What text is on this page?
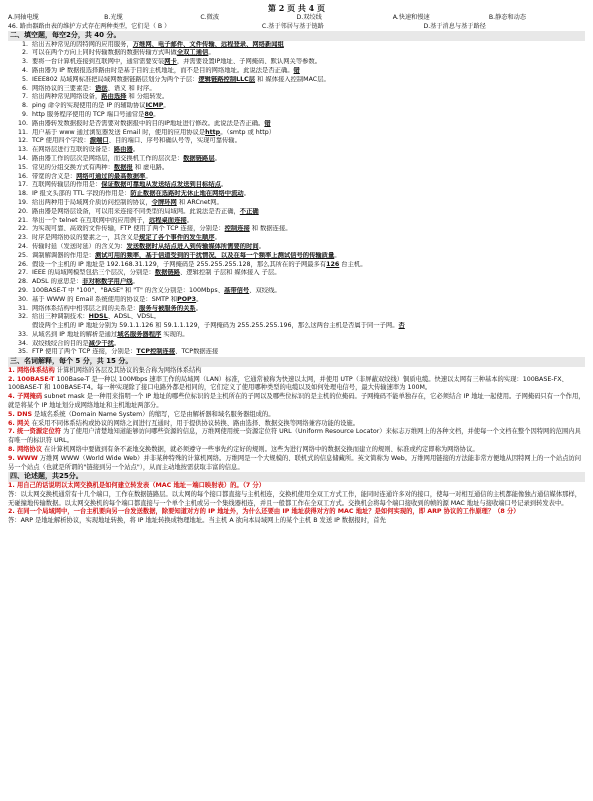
第 2 页 共 4 页
A.同轴电缆	B.光缆	C.微波	D.双绞线	A.快速和慢速	B.静态和动态
46. 路由器路由表的维护方式存在两种类型，它们是（ B ）	C.基于邻居与基于链路	D.基于消息与基于路径
二、填空题，每空2分，共 40 分。
1. 给出五种常见的因特网的应用服务，万维网、电子邮件、文件传输、远程登录、网络新闻组
2. 可以在两个方向上同时传输数据的数据传输方式叫做全双工通信。
3. 要将一台计算机连接到互联网中，通常需要安装网卡，并需要设置IP地址、子网掩码、默认网关等参数。
4. 路由器为 IP 数据报选择路由时是基于目的主机地址，而不是目的网络地址。此说法是否正确。错
5. IEEE802 局域网标准把局域网数据链路层划分为两个子层：逻辑链路控制LLC层 和 媒体接入控制MAC层。
6. 网络协议的三要素是：语法、语义 和 时序。
7. 给出两种常见网络设备，路由选择 和 分组转发。
8. ping 命令的实现使用的是 IP 的辅助协议ICMP。
9. http 服务程序使用的 TCP 端口号通常是80。
10. 路由器转发数据报时是否需要对数据报中的目的IP地址进行修改。此说法是否正确。错
11. 用户基于 www 通过浏览器发送 Email 时，使用的应用协议是http。（smtp 或 http）
12. TCP 使用四个字段：源端口、目的端口、序号和确认号等，实现可靠传输。
13. 在网络层进行互联的设备是：路由器。
14. 路由器工作的层次是网络层，而交换机工作的层次是：数据链路层。
15. 常见的分组交换方式有两种：数据报 和 虚电路。
16. 带宽的含义是：网络可通过的最高数据率。
17. 互联网传输层的作用是：保证数据可靠地从发送结点发送到目标结点。
18. IP 报文头部的 TTL 字段的作用是：防止数据在选路时无休止地在网络中流动。
19. 给出两种用于局域网介质访问控制的协议，令牌环网 和 ARCnet网。
20. 路由器是网络层设备，可以用来连接不同类型的局域网。此说法是否正确，不正确
21. 举出一个 telnet 在互联网中的应用例子，远程桌面连接。
22. 为实现可靠、高效的文件传输，FTP 使用了两个 TCP 连接，分别是：控制连接 和 数据连接。
23. 时序是网络协议的要素之一，其含义是规定了各个事件的发生顺序。
24. 传输时延（发送时延）的含义为：发送数据时从结点进入到传输媒体所需要的时间。
25. 调制解调器的作用是：测试可用的频率，基于信道受到的干扰情况，以及在每一个频率上测试信号的传输质量。
26. 假设一个主机的 IP 地址是 192.168.31.129，子网掩码是 255.255.255.128，那么其所在的子网最多有126 台主机。
27. IEEE 的局域网模型包括三个层次，分别是：数据链路、逻辑控制 子层和 媒体接入 子层。
28. ADSL 的意思是：非对称数字用户线。
29. 100BASE-T 中 "100"、"BASE" 和 "T" 的含义分别是：100Mbps、基带信号、双绞线。
30. 基于 WWW 的 Email 系统使用的协议是：SMTP 和POP3。
31. 网络体系结构中相邻层之间的关系是：服务与被服务的关系。
32. 给出三种调制技术：HDSL、ADSL、VDSL。
假设两个主机的 IP 地址分别为 59.1.1.126 和 59.1.1.129，子网掩码为 255.255.255.196，那么这两台主机是否属于同一子网。否
33. 从域名到 IP 地址的解析是通过域名服务器程序 实现的。
34. 双绞线绞合的目的是减少干扰。
35. FTP 使用了两个 TCP 连接，分别是：TCP控制连接、TCP数据连接
三、名词解释，每个 5 分，共 15 分。
1. 网络体系结构 计算机网络的各层及其协议的集合称为网络体系结构
2. 100BASE-T 100Base-T 是一种以 100Mbps 速率工作的局域网（LAN）标准，它通常被称为快速以太网，并使用 UTP（非屏蔽双绞线）铜质电缆。快速以太网有三种基本的实现：100BASE-FX、100BASE-T 和 100BASE-T4。每一种实现除了接口电路外都是相同的，它们定义了使用哪种类型的电缆以及如何处理电信号，最大传输速率为 100M。
4. 子网掩码 subnet mask 是一种用来指明一个 IP 地址的哪些位标识的是主机所在的子网以及哪些位标识的是主机的位掩码。子网掩码不能单独存在，它必须结合 IP 地址一起使用。子网掩码只有一个作用，就是将某个 IP 地址划分成网络地址和主机地址两部分。
5. DNS 是域名系统（Domain Name System）的缩写，它是由解析器和域名服务器组成的。
6. 网关 在采用不同体系结构或协议的网络之间进行互通时，用于提供协议转换、路由选择、数据交换等网络兼容功能的设施。
7. 统一资源定位符 为了使用户清楚地知道能够访问哪些资源的信息，万维网使用统一资源定位符 URL（Uniform Resource Locator）来标志万维网上的各种文档，并使每一个文档在整个因特网的范围内具有唯一的标识符 URL。
8. 网络协议 在计算机网络中要做到有条不紊地交换数据，就必须遵守一些事先约定好的规则。这些为进行网络中的数据交换而建立的规则、标准或约定即称为网络协议。
9. WWW 万维网 WWW（World Wide Web）并非某种特殊的计算机网络。万维网是一个大规模的、联机式的信息储藏所。英文简称为 Web。万维网用链接的方法能非常方便地从因特网上的一个站点访问另一个站点（也就是所谓的"链接到另一个站点"），从而主动地按需获取丰富的信息。
四、论述题，共25分。
1. 用自己的话说明以太网交换机是如何建立转发表（MAC 地址－端口映射表）的。（7 分）
答：以太网交换机通常有十几个端口，工作在数据链路层。以太网的每个接口都直接与主机相连，交换机使用全双工方式工作，能同时连通许多对的接口，使每一对相互通信的主机都能像独占通信媒体那样，无碰撞地传输数据。以太网交换机的每个端口都直接与一个单个主机或另一个集线器相连，并且一般都工作在全双工方式。交换机会将每个端口接收到的帧的源 MAC 地址与接收端口号记录到转发表中。
2. 在同一个局域网中，一台主机要向另一台发送数据，除要知道对方的 IP 地址外，为什么还要由 IP 地址获得对方的 MAC 地址？是如何实现的，即 ARP 协议的工作原理？（8 分）
答：ARP 是地址解析协议，实现地址转换，将 IP 地址转换成物理地址。当主机 A 欲向本局域网上的某个主机 B 发送 IP 数据报时，首先
